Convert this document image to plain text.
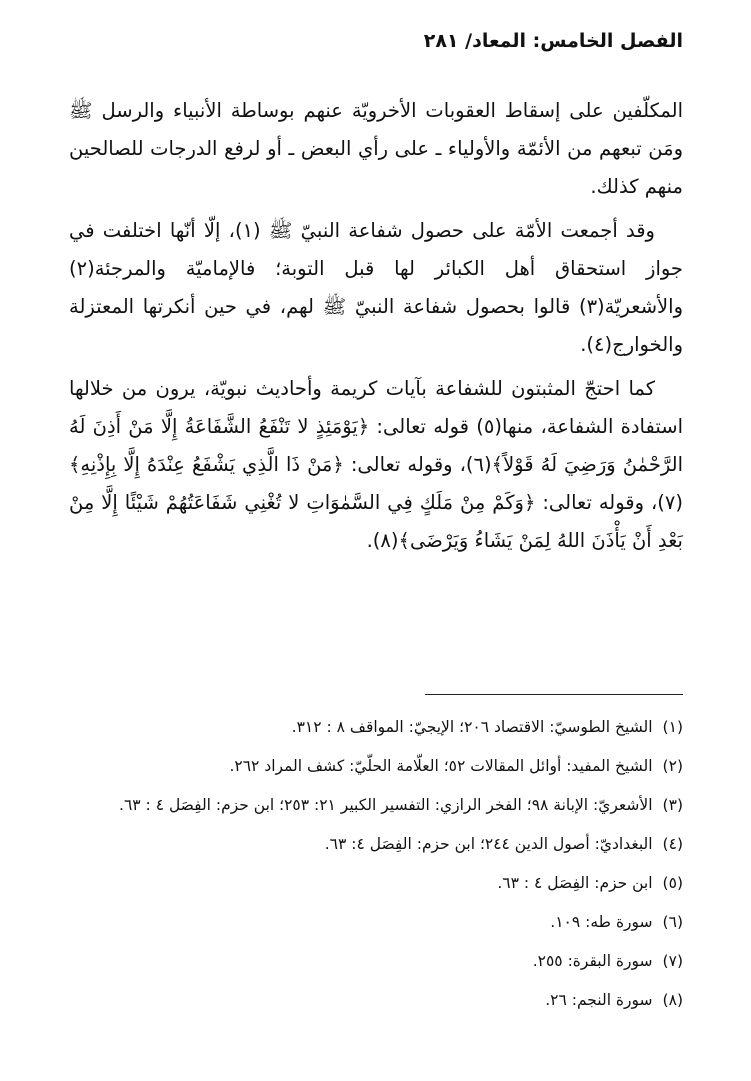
الفصل الخامس: المعاد/ ٢٨١

المكلّفين على إسقاط العقوبات الأخرويّة عنهم بوساطة الأنبياء والرسل ﷺ ومَن تبعهم من الأئمّة والأولياء ـ على رأي البعض ـ أو لرفع الدرجات للصالحين منهم كذلك.

وقد أجمعت الأمّة على حصول شفاعة النبيّ ﷺ (١)، إلّا أنّها اختلفت في جواز استحقاق أهل الكبائر لها قبل التوبة؛ فالإماميّة والمرجئة(٢) والأشعريّة(٣) قالوا بحصول شفاعة النبيّ ﷺ لهم، في حين أنكرتها المعتزلة والخوارج(٤).

كما احتجّ المثبتون للشفاعة بآيات كريمة وأحاديث نبويّة، يرون من خلالها استفادة الشفاعة، منها(٥) قوله تعالى: ﴿يَوْمَئِذٍ لا تَنْفَعُ الشَّفَاعَةُ إِلَّا مَنْ أَذِنَ لَهُ الرَّحْمٰنُ وَرَضِيَ لَهُ قَوْلاً﴾(٦)، وقوله تعالى: ﴿مَنْ ذَا الَّذِي يَشْفَعُ عِنْدَهُ إِلَّا بِإِذْنِهِ﴾(٧)، وقوله تعالى: ﴿وَكَمْ مِنْ مَلَكٍ فِي السَّمٰوَاتِ لا تُغْنِي شَفَاعَتُهُمْ شَيْئًا إِلَّا مِنْ بَعْدِ أَنْ يَأْذَنَ اللهُ لِمَنْ يَشَاءُ وَيَرْضَى﴾(٨).

(١)الشيخ الطوسيّ: الاقتصاد ٢٠٦؛ الإيجيّ: المواقف ٨ : ٣١٢.
(٢)الشيخ المفيد: أوائل المقالات ٥٢؛ العلّامة الحلّيّ: كشف المراد ٢٦٢.
(٣)الأشعريّ: الإبانة ٩٨؛ الفخر الرازي: التفسير الكبير ٢١: ٢٥٣؛ ابن حزم: الفِصَل ٤ : ٦٣.
(٤)البغداديّ: أصول الدين ٢٤٤؛ ابن حزم: الفِصَل ٤: ٦٣.
(٥)ابن حزم: الفِصَل ٤ : ٦٣.
(٦)سورة طه: ١٠٩.
(٧)سورة البقرة: ٢٥٥.
(٨)سورة النجم: ٢٦.
